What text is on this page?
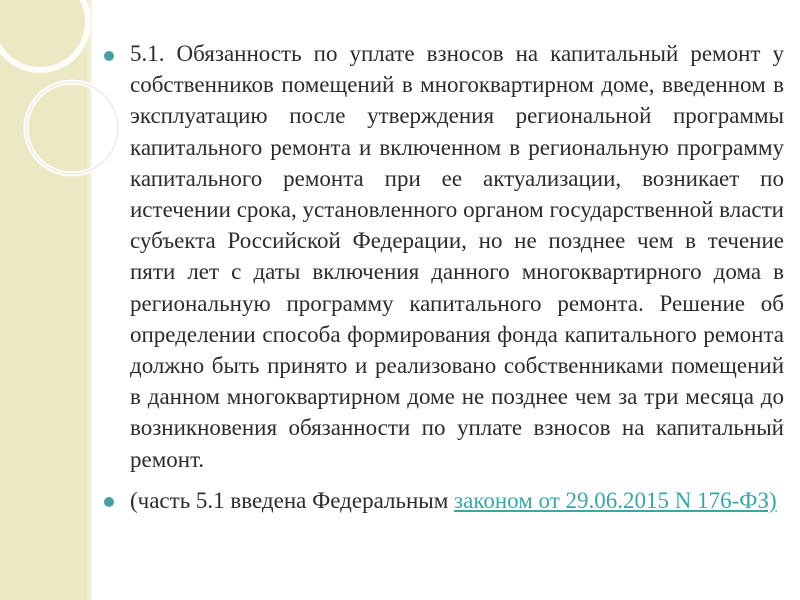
5.1. Обязанность по уплате взносов на капитальный ремонт у собственников помещений в многоквартирном доме, введенном в эксплуатацию после утверждения региональной программы капитального ремонта и включенном в региональную программу капитального ремонта при ее актуализации, возникает по истечении срока, установленного органом государственной власти субъекта Российской Федерации, но не позднее чем в течение пяти лет с даты включения данного многоквартирного дома в региональную программу капитального ремонта. Решение об определении способа формирования фонда капитального ремонта должно быть принято и реализовано собственниками помещений в данном многоквартирном доме не позднее чем за три месяца до возникновения обязанности по уплате взносов на капитальный ремонт.

(часть 5.1 введена Федеральным законом от 29.06.2015 N 176-ФЗ)
